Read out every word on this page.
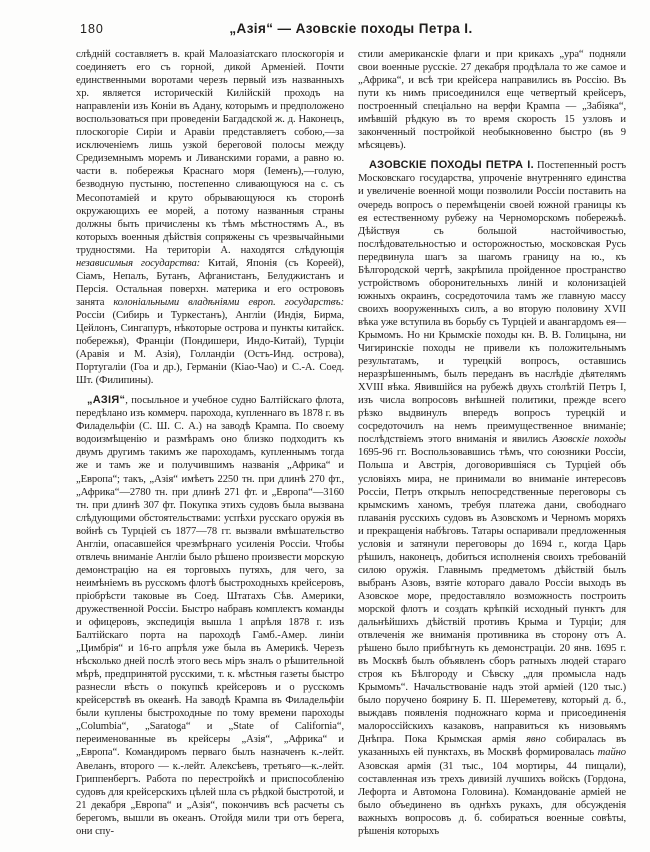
180	„Азія“ — Азовскіе походы Петра I.

слѣдній составляетъ в. край Малоазіатскаго плоскогорія и соединяетъ его съ горной, дикой Арменіей. Почти единственными воротами черезъ первый изъ названныхъ хр. является историческій Килійскій проходъ на направленіи изъ Коніи въ Адану, которымъ и предположено воспользоваться при проведеніи Багдадской ж. д. Наконецъ, плоскогоріе Сиріи и Аравіи представляетъ собою,—за исключеніемъ лишь узкой береговой полосы между Средиземнымъ моремъ и Ливанскими горами, а равно ю. части в. побережья Краснаго моря (Іеменъ),—голую, безводную пустыню, постепенно сливающуюся на с. съ Месопотаміей и круто обрывающуюся къ сторонѣ окружающихъ ее морей, а потому названныя страны должны быть причислены къ тѣмъ мѣстностямъ А., въ которыхъ военныя дѣйствія сопряжены съ чрезвычайными трудностями. На територіи А. находятся слѣдующія независимыя государства: Китай, Японія (съ Кореей), Сіамъ, Непалъ, Бутанъ, Афганистанъ, Белуджистанъ и Персія. Остальная поверхн. материка и его острововъ занята колоніальными владѣніями европ. государствъ: Россіи (Сибирь и Туркестанъ), Англіи (Индія, Бирма, Цейлонъ, Сингапуръ, нѣкоторые острова и пункты китайск. побережья), Франціи (Пондишери, Индо-Китай), Турціи (Аравія и М. Азія), Голландіи (Остъ-Инд. острова), Португаліи (Гоа и др.), Германіи (Кіао-Чао) и С.-А. Соед. Шт. (Филипины).

„АЗІЯ“, посыльное и учебное судно Балтійскаго флота, передѣлано изъ коммерч. парохода, купленнаго въ 1878 г. въ Филадельфіи (С. Ш. С. А.) на заводѣ Крампа. По своему водоизмѣщенію и размѣрамъ оно близко подходитъ къ двумъ другимъ такимъ же пароходамъ, купленнымъ тогда же и тамъ же и получившимъ названія „Африка“ и „Европа“; такъ, „Азія“ имѣетъ 2250 тн. при длинѣ 270 фт., „Африка“—2780 тн. при длинѣ 271 фт. и „Европа“—3160 тн. при длинѣ 307 фт. Покупка этихъ судовъ была вызвана слѣдующими обстоятельствами: успѣхи русскаго оружія въ войнѣ съ Турціей съ 1877—78 гг. вызвали вмѣшательство Англіи, опасавшейся чрезмѣрнаго усиленія Россіи. Чтобы отвлечь вниманіе Англіи было рѣшено произвести морскую демонстрацію на ея торговыхъ путяхъ, для чего, за неимѣніемъ въ русскомъ флотѣ быстроходныхъ крейсеровъ, пріобрѣсти таковые въ Соед. Штатахъ Сѣв. Америки, дружественной Россіи. Быстро набравъ комплектъ команды и офицеровъ, экспедиція вышла 1 апрѣля 1878 г. изъ Балтійскаго порта на пароходѣ Гамб.-Амер. линіи „Цимбрія“ и 16-го апрѣля уже была въ Америкѣ. Черезъ нѣсколько дней послѣ этого весь міръ зналъ о рѣшительной мѣрѣ, предпринятой русскими, т. к. мѣстныя газеты быстро разнесли вѣсть о покупкѣ крейсеровъ и о русскомъ крейсерствѣ въ океанѣ. На заводѣ Крампа въ Филадельфіи были куплены быстроходные по тому времени пароходы „Columbia“, „Saratoga“ и „State of California“, переименованные въ крейсеры „Азія“, „Африка“ и „Европа“. Командиромъ перваго былъ назначенъ к.-лейт. Авеланъ, второго — к.-лейт. Алексѣевъ, третьяго—к.-лейт. Гриппенбергъ. Работа по перестройкѣ и приспособленію судовъ для крейсерскихъ цѣлей шла съ рѣдкой быстротой, и 21 декабря „Европа“ и „Азія“, покончивъ всѣ расчеты съ берегомъ, вышли въ океанъ. Отойдя мили три отъ берега, они спу-

стили американскіе флаги и при крикахъ „ура“ подняли свои военные русскіе. 27 декабря продѣлала то же самое и „Африка“, и всѣ три крейсера направились въ Россію. Въ пути къ нимъ присоединился еще четвертый крейсеръ, построенный спеціально на верфи Крампа — „Забіяка“, имѣвшій рѣдкую въ то время скорость 15 узловъ и законченный постройкой необыкновенно быстро (въ 9 мѣсяцевъ).

АЗОВСКІЕ ПОХОДЫ ПЕТРА I. Постепенный ростъ Московскаго государства, упроченіе внутренняго единства и увеличеніе военной мощи позволили Россіи поставить на очередь вопросъ о перемѣщеніи своей южной границы къ ея естественному рубежу на Черноморскомъ побережьѣ. Дѣйствуя съ большой настойчивостью, послѣдовательностью и осторожностью, московская Русь передвинула шагъ за шагомъ границу на ю., къ Бѣлгородской чертѣ, закрѣпила пройденное пространство устройствомъ оборонительныхъ линій и колонизаціей южныхъ окраинъ, сосредоточила тамъ же главную массу своихъ вооруженныхъ силъ, а во вторую половину XVII вѣка уже вступила въ борьбу съ Турціей и авангардомъ ея—Крымомъ. Но ни Крымскіе походы кн. В. В. Голицына, ни Чигиринскіе походы не привели къ положительнымъ результатамъ, и турецкій вопросъ, оставшись неразрѣшеннымъ, былъ переданъ въ наслѣдіе дѣятелямъ XVIII вѣка. Явившійся на рубежѣ двухъ столѣтій Петръ I, изъ числа вопросовъ внѣшней политики, прежде всего рѣзко выдвинулъ впередъ вопросъ турецкій и сосредоточилъ на немъ преимущественное вниманіе; послѣдствіемъ этого вниманія и явились Азовскіе походы 1695-96 гг. Воспользовавшись тѣмъ, что союзники Россіи, Польша и Австрія, договорившіяся съ Турціей объ условіяхъ мира, не принимали во вниманіе интересовъ Россіи, Петръ открылъ непосредственные переговоры съ крымскимъ ханомъ, требуя платежа дани, свободнаго плаванія русскихъ судовъ въ Азовскомъ и Черномъ моряхъ и прекращенія набѣговъ. Татары оспаривали предложенныя условія и затянули переговоры до 1694 г., когда Царь рѣшилъ, наконецъ, добиться исполненія своихъ требованій силою оружія. Главнымъ предметомъ дѣйствій былъ выбранъ Азовъ, взятіе котораго давало Россіи выходъ въ Азовское море, предоставляло возможность построить морской флотъ и создать крѣпкій исходный пунктъ для дальнѣйшихъ дѣйствій противъ Крыма и Турціи; для отвлеченія же вниманія противника въ сторону отъ А. рѣшено было прибѣгнуть къ демонстраціи. 20 янв. 1695 г. въ Москвѣ былъ объявленъ сборъ ратныхъ людей стараго строя къ Бѣлгороду и Сѣвску „для промысла надъ Крымомъ“. Начальствованіе надъ этой арміей (120 тыс.) было поручено боярину Б. П. Шереметеву, который д. б., выждавъ появленія подножнаго корма и присоединенія малороссійскихъ казаковъ, направиться къ низовьямъ Днѣпра. Пока Крымская армія явно собиралась въ указанныхъ ей пунктахъ, въ Москвѣ формировалась тайно Азовская армія (31 тыс., 104 мортиры, 44 пищали), составленная изъ трехъ дивизій лучшихъ войскъ (Гордона, Лефорта и Автомона Головина). Командованіе арміей не было объединено въ однѣхъ рукахъ, для обсужденія важныхъ вопросовъ д. б. собираться военные совѣты, рѣшенія которыхъ
